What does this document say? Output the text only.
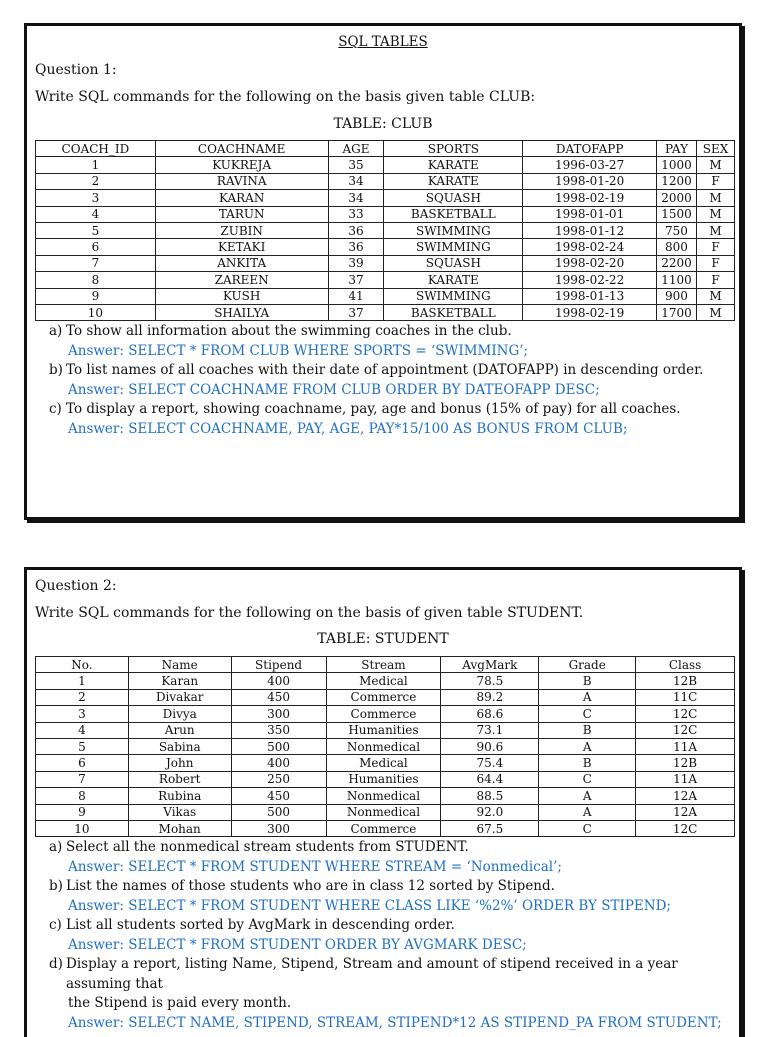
SQL TABLES
Question 1:
Write SQL commands for the following on the basis given table CLUB:
TABLE: CLUB
COACH_ID	COACHNAME	AGE	SPORTS	DATOFAPP	PAY	SEX
1	KUKREJA	35	KARATE	1996-03-27	1000	M
2	RAVINA	34	KARATE	1998-01-20	1200	F
3	KARAN	34	SQUASH	1998-02-19	2000	M
4	TARUN	33	BASKETBALL	1998-01-01	1500	M
5	ZUBIN	36	SWIMMING	1998-01-12	750	M
6	KETAKI	36	SWIMMING	1998-02-24	800	F
7	ANKITA	39	SQUASH	1998-02-20	2200	F
8	ZAREEN	37	KARATE	1998-02-22	1100	F
9	KUSH	41	SWIMMING	1998-01-13	900	M
10	SHAILYA	37	BASKETBALL	1998-02-19	1700	M
a) To show all information about the swimming coaches in the club.
Answer: SELECT * FROM CLUB WHERE SPORTS = ‘SWIMMING’;
b) To list names of all coaches with their date of appointment (DATOFAPP) in descending order.
Answer: SELECT COACHNAME FROM CLUB ORDER BY DATEOFAPP DESC;
c) To display a report, showing coachname, pay, age and bonus (15% of pay) for all coaches.
Answer: SELECT COACHNAME, PAY, AGE, PAY*15/100 AS BONUS FROM CLUB;
Question 2:
Write SQL commands for the following on the basis of given table STUDENT.
TABLE: STUDENT
No.	Name	Stipend	Stream	AvgMark	Grade	Class
1	Karan	400	Medical	78.5	B	12B
2	Divakar	450	Commerce	89.2	A	11C
3	Divya	300	Commerce	68.6	C	12C
4	Arun	350	Humanities	73.1	B	12C
5	Sabina	500	Nonmedical	90.6	A	11A
6	John	400	Medical	75.4	B	12B
7	Robert	250	Humanities	64.4	C	11A
8	Rubina	450	Nonmedical	88.5	A	12A
9	Vikas	500	Nonmedical	92.0	A	12A
10	Mohan	300	Commerce	67.5	C	12C
a) Select all the nonmedical stream students from STUDENT.
Answer: SELECT * FROM STUDENT WHERE STREAM = ‘Nonmedical’;
b) List the names of those students who are in class 12 sorted by Stipend.
Answer: SELECT * FROM STUDENT WHERE CLASS LIKE ‘%2%’ ORDER BY STIPEND;
c) List all students sorted by AvgMark in descending order.
Answer: SELECT * FROM STUDENT ORDER BY AVGMARK DESC;
d) Display a report, listing Name, Stipend, Stream and amount of stipend received in a year assuming that
the Stipend is paid every month.
Answer: SELECT NAME, STIPEND, STREAM, STIPEND*12 AS STIPEND_PA FROM STUDENT;
